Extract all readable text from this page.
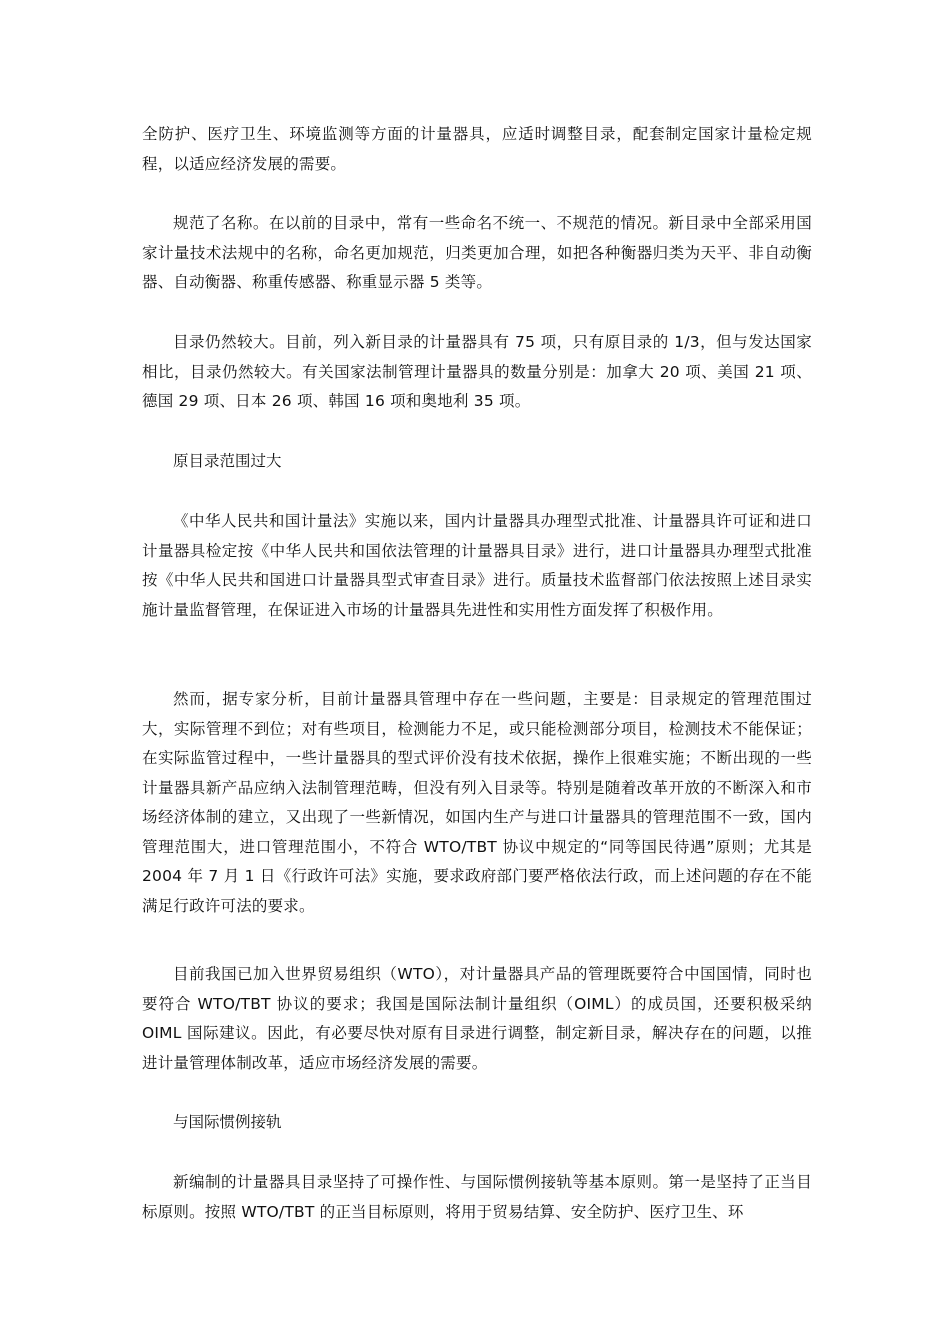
全防护、医疗卫生、环境监测等方面的计量器具，应适时调整目录，配套制定国家计量检定规程，以适应经济发展的需要。

规范了名称。在以前的目录中，常有一些命名不统一、不规范的情况。新目录中全部采用国家计量技术法规中的名称，命名更加规范，归类更加合理，如把各种衡器归类为天平、非自动衡器、自动衡器、称重传感器、称重显示器 5 类等。

目录仍然较大。目前，列入新目录的计量器具有 75 项，只有原目录的 1/3，但与发达国家相比，目录仍然较大。有关国家法制管理计量器具的数量分别是：加拿大 20 项、美国 21 项、德国 29 项、日本 26 项、韩国 16 项和奥地利 35 项。

原目录范围过大

《中华人民共和国计量法》实施以来，国内计量器具办理型式批准、计量器具许可证和进口计量器具检定按《中华人民共和国依法管理的计量器具目录》进行，进口计量器具办理型式批准按《中华人民共和国进口计量器具型式审查目录》进行。质量技术监督部门依法按照上述目录实施计量监督管理，在保证进入市场的计量器具先进性和实用性方面发挥了积极作用。

然而，据专家分析，目前计量器具管理中存在一些问题，主要是：目录规定的管理范围过大，实际管理不到位；对有些项目，检测能力不足，或只能检测部分项目，检测技术不能保证；在实际监管过程中，一些计量器具的型式评价没有技术依据，操作上很难实施；不断出现的一些计量器具新产品应纳入法制管理范畴，但没有列入目录等。特别是随着改革开放的不断深入和市场经济体制的建立，又出现了一些新情况，如国内生产与进口计量器具的管理范围不一致，国内管理范围大，进口管理范围小，不符合 WTO/TBT 协议中规定的“同等国民待遇”原则；尤其是 2004 年 7 月 1 日《行政许可法》实施，要求政府部门要严格依法行政，而上述问题的存在不能满足行政许可法的要求。

目前我国已加入世界贸易组织（WTO），对计量器具产品的管理既要符合中国国情，同时也要符合 WTO/TBT 协议的要求；我国是国际法制计量组织（OIML）的成员国，还要积极采纳 OIML 国际建议。因此，有必要尽快对原有目录进行调整，制定新目录，解决存在的问题，以推进计量管理体制改革，适应市场经济发展的需要。

与国际惯例接轨

新编制的计量器具目录坚持了可操作性、与国际惯例接轨等基本原则。第一是坚持了正当目标原则。按照 WTO/TBT 的正当目标原则，将用于贸易结算、安全防护、医疗卫生、环
